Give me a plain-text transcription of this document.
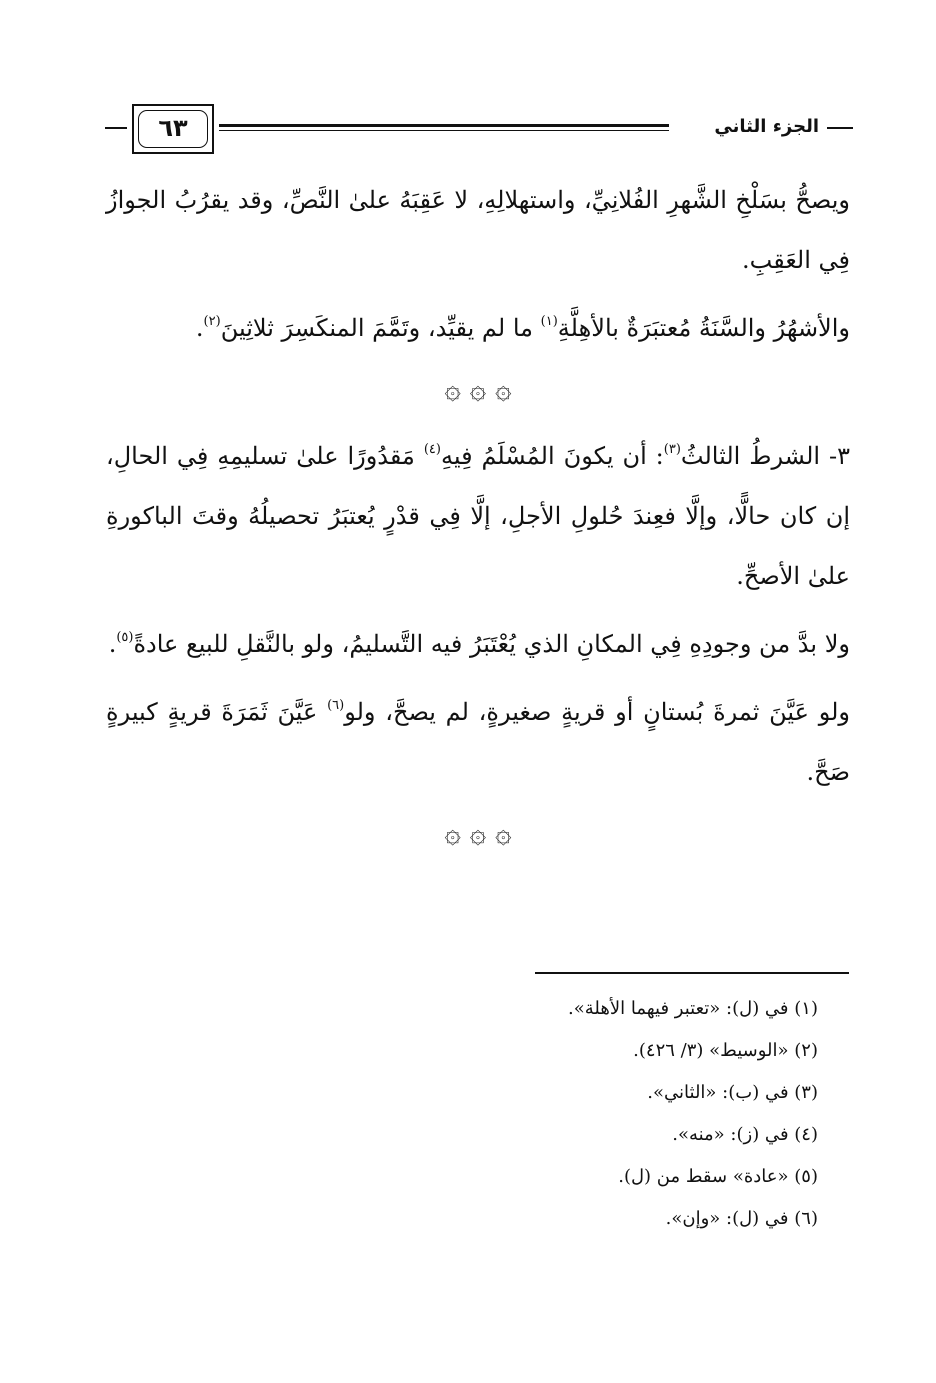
٦٣	الجزء الثاني

ويصحُّ بسَلْخِ الشَّهرِ الفُلانِيِّ، واستهلالِهِ، لا عَقِبَهُ علىٰ النَّصِّ، وقد يقرُبُ الجوازُ فِي العَقِبِ.

والأشهُرُ والسَّنَةُ مُعتبَرَةٌ بالأهِلَّةِ$^{(١)}$ ما لم يقيِّد، وتَمَّمَ المنكَسِرَ ثلاثِينَ$^{(٢)}$.

۞ ۞ ۞

٣- الشرطُ الثالثُ$^{(٣)}$: أن يكونَ المُسْلَمُ فِيهِ$^{(٤)}$ مَقدُورًا علىٰ تسليمِهِ فِي الحالِ، إن كان حالًّا، وإلَّا فعِندَ حُلولِ الأجلِ، إلَّا فِي قدْرٍ يُعتبَرُ تحصيلُهُ وقتَ الباكورةِ علىٰ الأصحِّ.

ولا بدَّ من وجودِهِ فِي المكانِ الذي يُعْتَبَرُ فيه التَّسليمُ، ولو بالنَّقلِ للبيع عادةً$^{(٥)}$.

ولو عَيَّنَ ثمرةَ بُستانٍ أو قريةٍ صغيرةٍ، لم يصحَّ، ولو$^{(٦)}$ عَيَّنَ ثَمَرَةَ قريةٍ كبيرةٍ صَحَّ.

۞ ۞ ۞
(١) في (ل): «تعتبر فيهما الأهلة».
(٢) «الوسيط» (٣/ ٤٢٦).
(٣) في (ب): «الثاني».
(٤) في (ز): «منه».
(٥) «عادة» سقط من (ل).
(٦) في (ل): «وإن».
